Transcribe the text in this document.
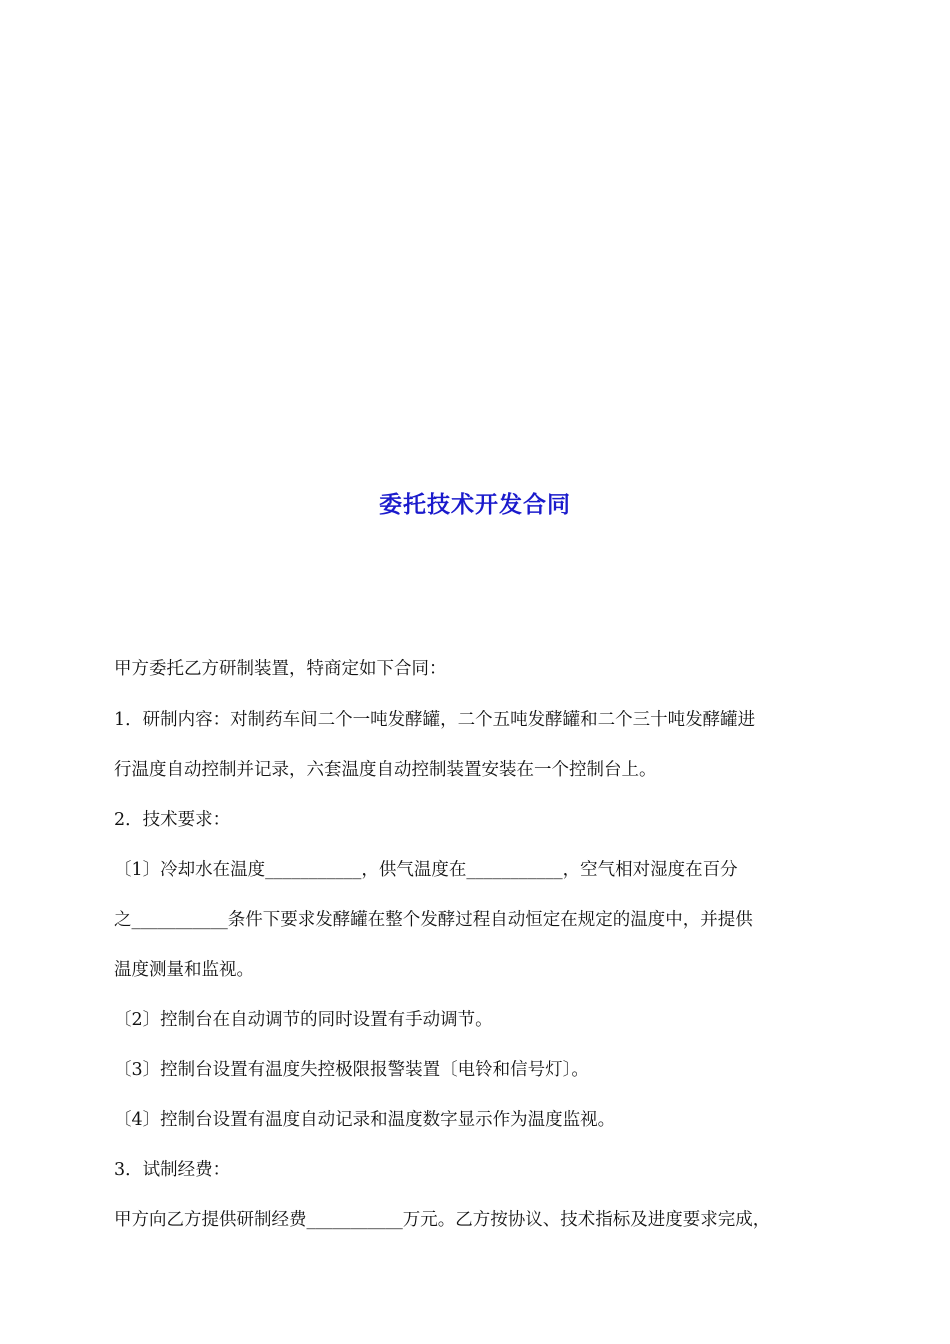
委托技术开发合同
甲方委托乙方研制装置，特商定如下合同：
1．研制内容：对制药车间二个一吨发酵罐，二个五吨发酵罐和二个三十吨发酵罐进
行温度自动控制并记录，六套温度自动控制装置安装在一个控制台上。
2．技术要求：
〔1〕冷却水在温度___________，供气温度在___________，空气相对湿度在百分
之___________条件下要求发酵罐在整个发酵过程自动恒定在规定的温度中，并提供
温度测量和监视。
〔2〕控制台在自动调节的同时设置有手动调节。
〔3〕控制台设置有温度失控极限报警装置〔电铃和信号灯〕。
〔4〕控制台设置有温度自动记录和温度数字显示作为温度监视。
3．试制经费：
甲方向乙方提供研制经费___________万元。乙方按协议、技术指标及进度要求完成，
